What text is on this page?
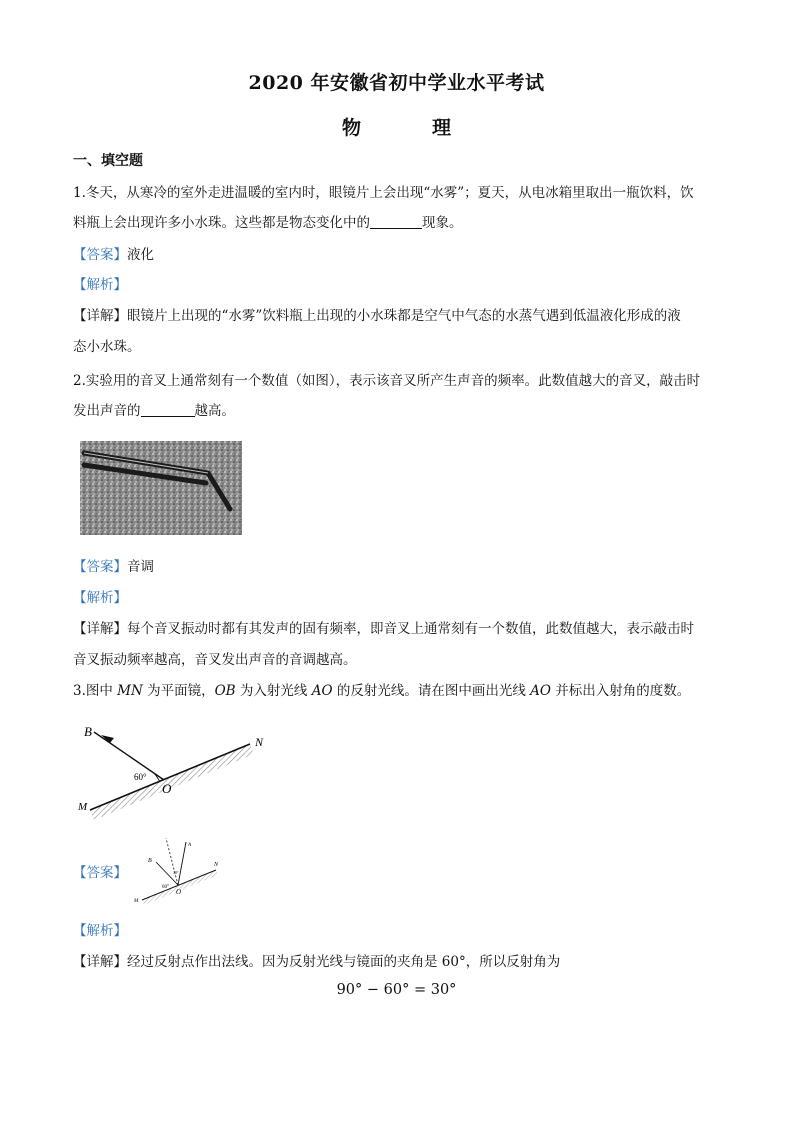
2020 年安徽省初中学业水平考试
物　理
一、填空题
1.冬天，从寒冷的室外走进温暖的室内时，眼镜片上会出现“水雾”；夏天，从电冰箱里取出一瓶饮料，饮
料瓶上会出现许多小水珠。这些都是物态变化中的	现象。
【答案】液化
【解析】
【详解】眼镜片上出现的“水雾”饮料瓶上出现的小水珠都是空气中气态的水蒸气遇到低温液化形成的液
态小水珠。
2.实验用的音叉上通常刻有一个数值（如图），表示该音叉所产生声音的频率。此数值越大的音叉，敲击时
发出声音的	越高。
【答案】音调
【解析】
【详解】每个音叉振动时都有其发声的固有频率，即音叉上通常刻有一个数值，此数值越大，表示敲击时
音叉振动频率越高，音叉发出声音的音调越高。
3.图中 MN 为平面镜，OB 为入射光线 AO 的反射光线。请在图中画出光线 AO 并标出入射角的度数。
B
N
M
O
60°
【答案】
B
A
N
M
O
60°
30°
【解析】
【详解】经过反射点作出法线。因为反射光线与镜面的夹角是 60°，所以反射角为
90° − 60° = 30°
